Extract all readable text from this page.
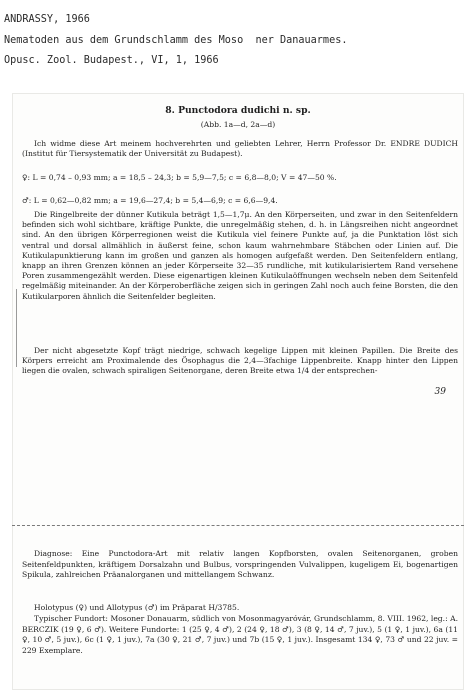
ANDRASSY, 1966
Nematoden aus dem Grundschlamm des Moso  ner Danauarmes.
Opusc. Zool. Budapest., VI, 1, 1966
8. Punctodora dudichi n. sp.
(Abb. 1a—d, 2a—d)

Ich widme diese Art meinem hochverehrten und geliebten Lehrer, Herrn Professor Dr. ENDRE DUDICH (Institut für Tiersystematik der Universität zu Budapest).

♀: L = 0,74 – 0,93 mm; a = 18,5 – 24,3; b = 5,9—7,5; c = 6,8—8,0; V = 47—50 %.

♂: L = 0,62—0,82 mm; a = 19,6—27,4; b = 5,4—6,9; c = 6,6—9,4.

Die Ringelbreite der dünner Kutikula beträgt 1,5—1,7μ. An den Körperseiten, und zwar in den Seitenfeldern befinden sich wohl sichtbare, kräftige Punkte, die unregelmäßig stehen, d. h. in Längsreihen nicht angeordnet sind. An den übrigen Körperregionen weist die Kutikula viel feinere Punkte auf, ja die Punktation löst sich ventral und dorsal allmählich in äußerst feine, schon kaum wahrnehmbare Stäbchen oder Linien auf. Die Kutikulapunktierung kann im großen und ganzen als homogen aufgefaßt werden. Den Seitenfeldern entlang, knapp an ihren Grenzen können an jeder Körperseite 32—35 rundliche, mit kutikularisiertem Rand versehene Poren zusammengezählt werden. Diese eigenartigen kleinen Kutikulaöffnungen wechseln neben dem Seitenfeld regelmäßig miteinander. An der Körperoberfläche zeigen sich in geringen Zahl noch auch feine Borsten, die den Kutikularporen ähnlich die Seitenfelder begleiten.

Der nicht abgesetzte Kopf trägt niedrige, schwach kegelige Lippen mit kleinen Papillen. Die Breite des Körpers erreicht am Proximalende des Ösophagus die 2,4—3fachige Lippenbreite. Knapp hinter den Lippen liegen die ovalen, schwach spiraligen Seitenorgane, deren Breite etwa 1/4 der entsprechen-

39

Diagnose: Eine Punctodora-Art mit relativ langen Kopfborsten, ovalen Seitenorganen, groben Seitenfeldpunkten, kräftigem Dorsalzahn und Bulbus, vorspringenden Vulvalippen, kugeligem Ei, bogenartigen Spikula, zahlreichen Präanalorganen und mittellangem Schwanz.

Holotypus (♀) und Allotypus (♂) im Präparat H/3785.

Typischer Fundort: Mosoner Donauarm, südlich von Mosonmagyaróvár, Grundschlamm, 8. VIII. 1962, leg.: A. BERCZIK (19 ♀, 6 ♂). Weitere Fundorte: 1 (25 ♀, 4 ♂), 2 (24 ♀, 18 ♂), 3 (8 ♀, 14 ♂, 7 juv.), 5 (1 ♀, 1 juv.), 6a (11 ♀, 10 ♂, 5 juv.), 6c (1 ♀, 1 juv.), 7a (30 ♀, 21 ♂, 7 juv.) und 7b (15 ♀, 1 juv.). Insgesamt 134 ♀, 73 ♂ und 22 juv. = 229 Exemplare.
